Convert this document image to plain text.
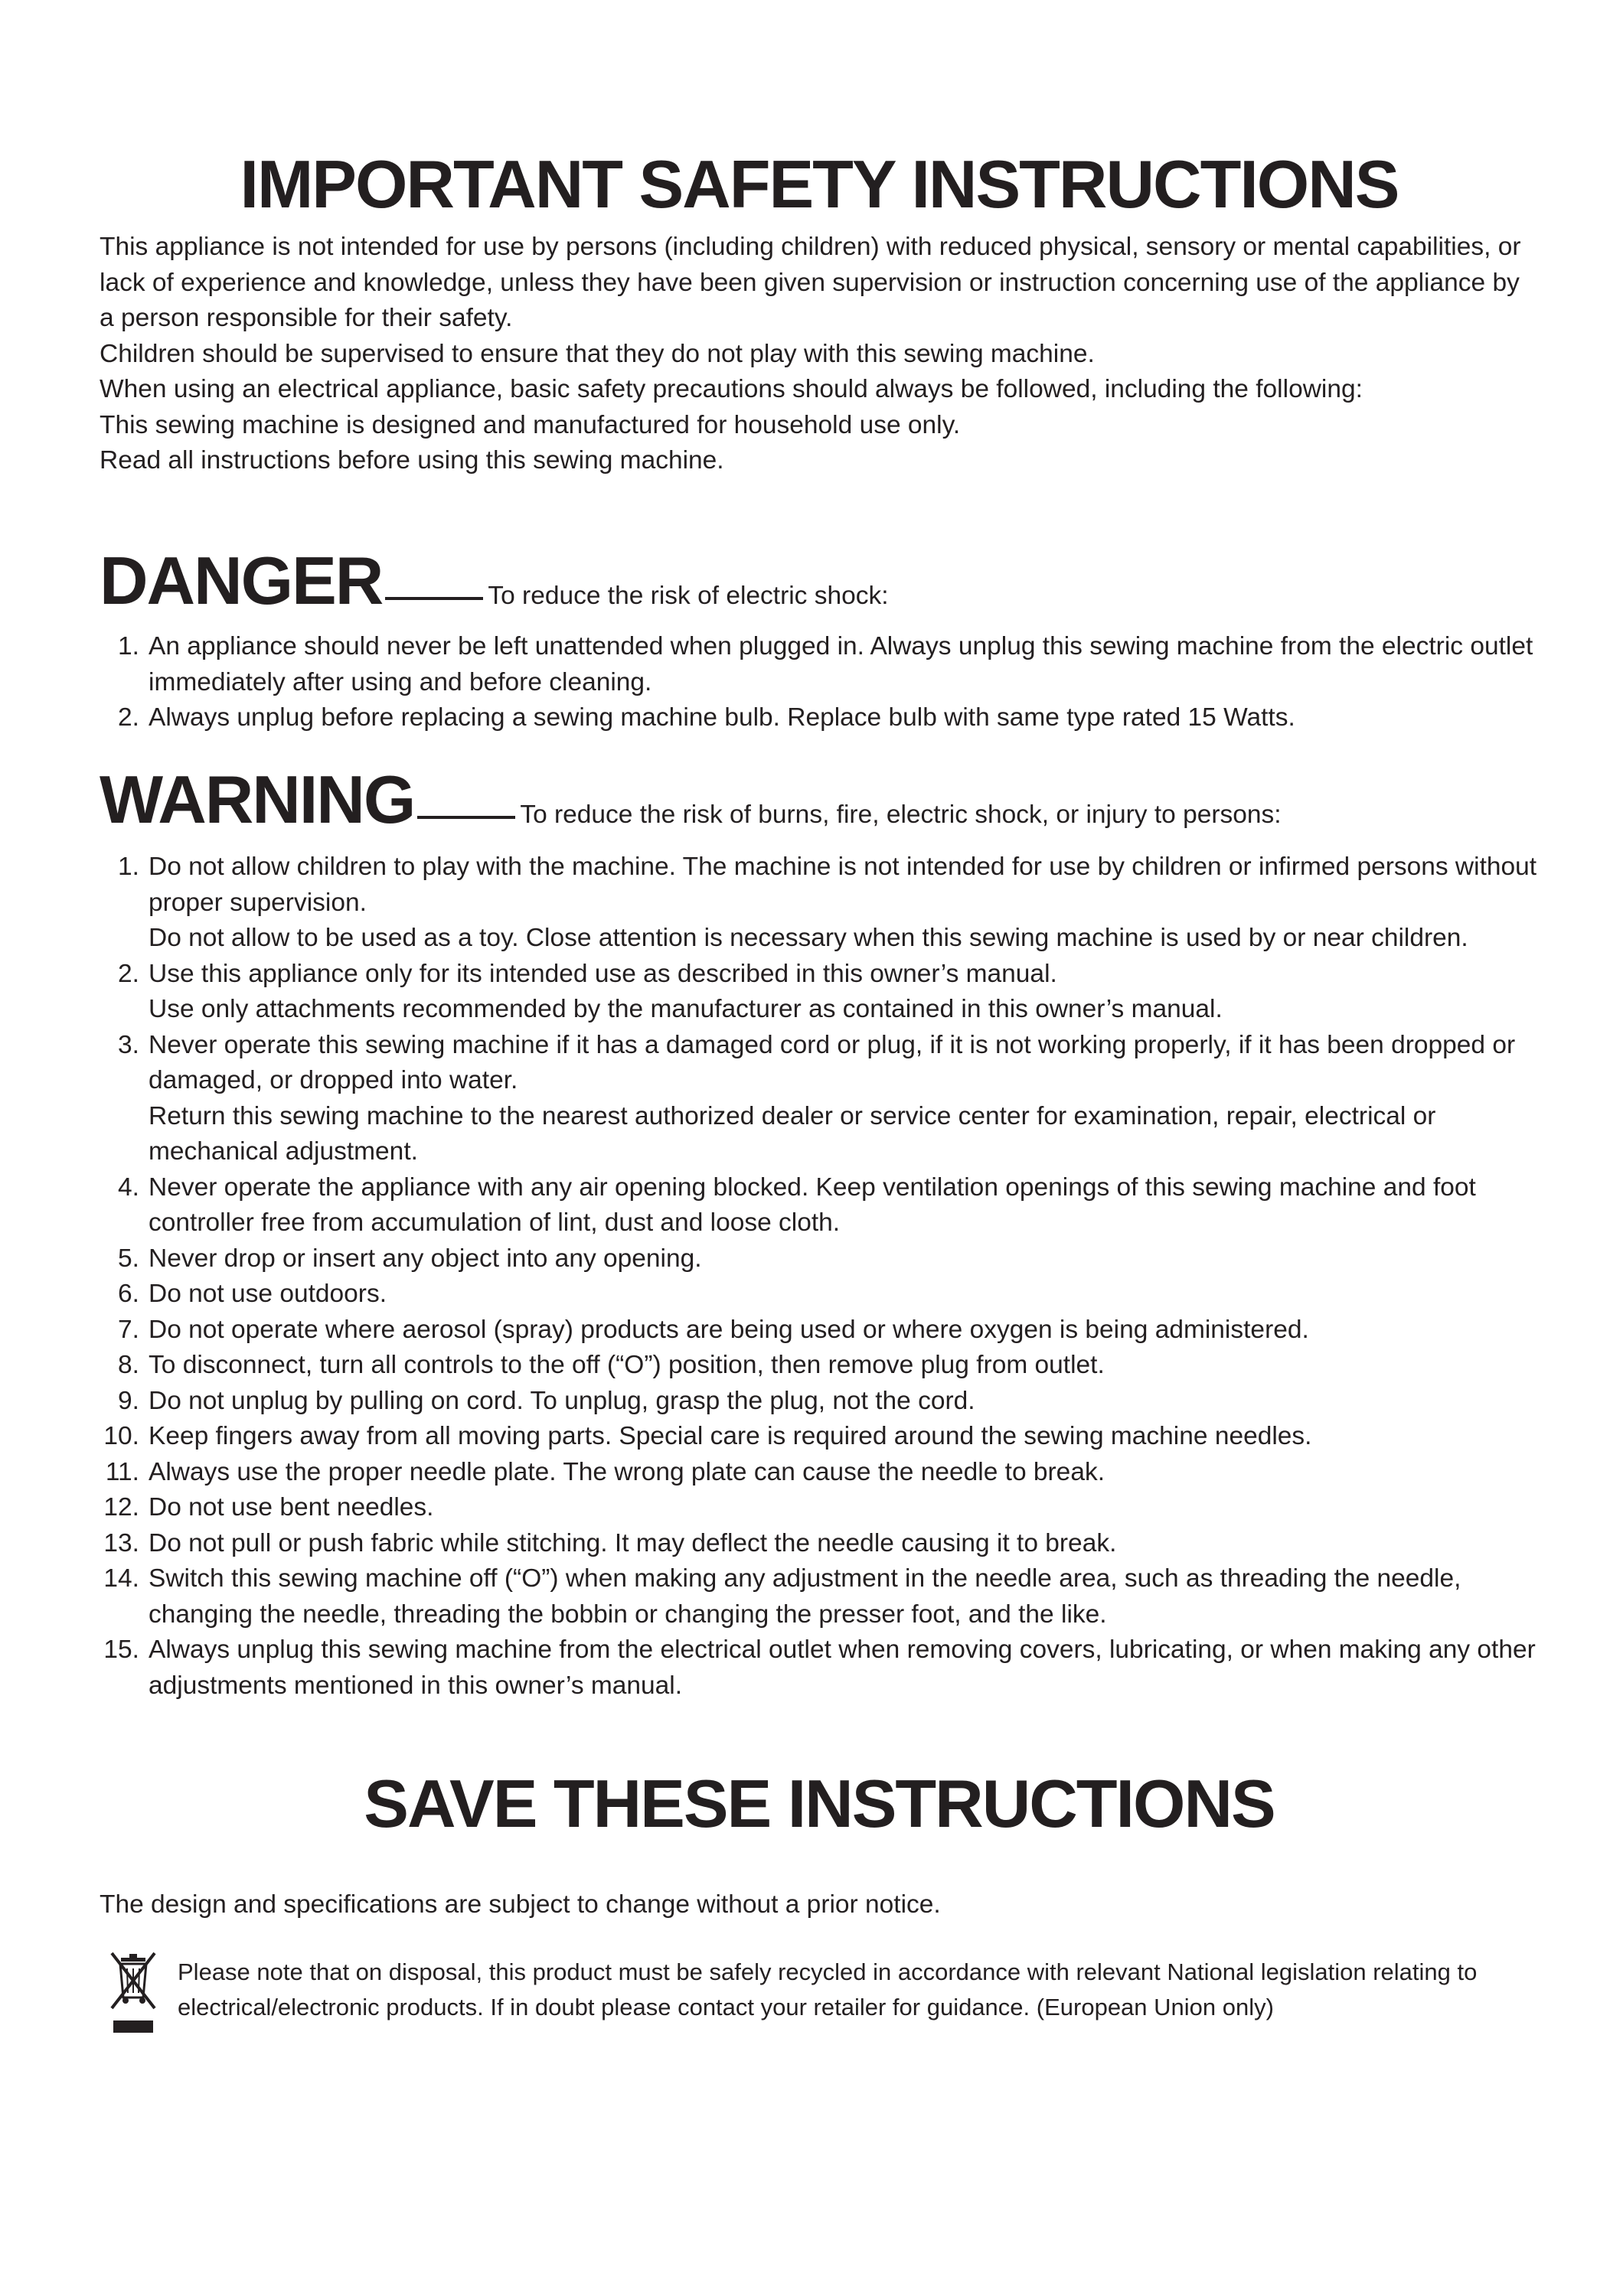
IMPORTANT SAFETY INSTRUCTIONS

This appliance is not intended for use by persons (including children) with reduced physical, sensory or mental capabilities, or lack of experience and knowledge, unless they have been given supervision or instruction concerning use of the appliance by a person responsible for their safety.

Children should be supervised to ensure that they do not play with this sewing machine.

When using an electrical appliance, basic safety precautions should always be followed, including the following:

This sewing machine is designed and manufactured for household use only.

Read all instructions before using this sewing machine.

DANGER	To reduce the risk of electric shock:
1. An appliance should never be left unattended when plugged in. Always unplug this sewing machine from the electric outlet immediately after using and before cleaning.
2. Always unplug before replacing a sewing machine bulb. Replace bulb with same type rated 15 Watts.
WARNING	To reduce the risk of burns, fire, electric shock, or injury to persons:
1. Do not allow children to play with the machine. The machine is not intended for use by children or infirmed persons without proper supervision.
Do not allow to be used as a toy. Close attention is necessary when this sewing machine is used by or near children.
2. Use this appliance only for its intended use as described in this owner’s manual.
Use only attachments recommended by the manufacturer as contained in this owner’s manual.
3. Never operate this sewing machine if it has a damaged cord or plug, if it is not working properly, if it has been dropped or damaged, or dropped into water.
Return this sewing machine to the nearest authorized dealer or service center for examination, repair, electrical or mechanical adjustment.
4. Never operate the appliance with any air opening blocked. Keep ventilation openings of this sewing machine and foot controller free from accumulation of lint, dust and loose cloth.
5. Never drop or insert any object into any opening.
6. Do not use outdoors.
7. Do not operate where aerosol (spray) products are being used or where oxygen is being administered.
8. To disconnect, turn all controls to the off (“O”) position, then remove plug from outlet.
9. Do not unplug by pulling on cord. To unplug, grasp the plug, not the cord.
10. Keep fingers away from all moving parts. Special care is required around the sewing machine needles.
11. Always use the proper needle plate. The wrong plate can cause the needle to break.
12. Do not use bent needles.
13. Do not pull or push fabric while stitching. It may deflect the needle causing it to break.
14. Switch this sewing machine off (“O”) when making any adjustment in the needle area, such as threading the needle, changing the needle, threading the bobbin or changing the presser foot, and the like.
15. Always unplug this sewing machine from the electrical outlet when removing covers, lubricating, or when making any other adjustments mentioned in this owner’s manual.
SAVE THESE INSTRUCTIONS

The design and specifications are subject to change without a prior notice.

Please note that on disposal, this product must be safely recycled in accordance with relevant National legislation relating to electrical/electronic products. If in doubt please contact your retailer for guidance. (European Union only)
